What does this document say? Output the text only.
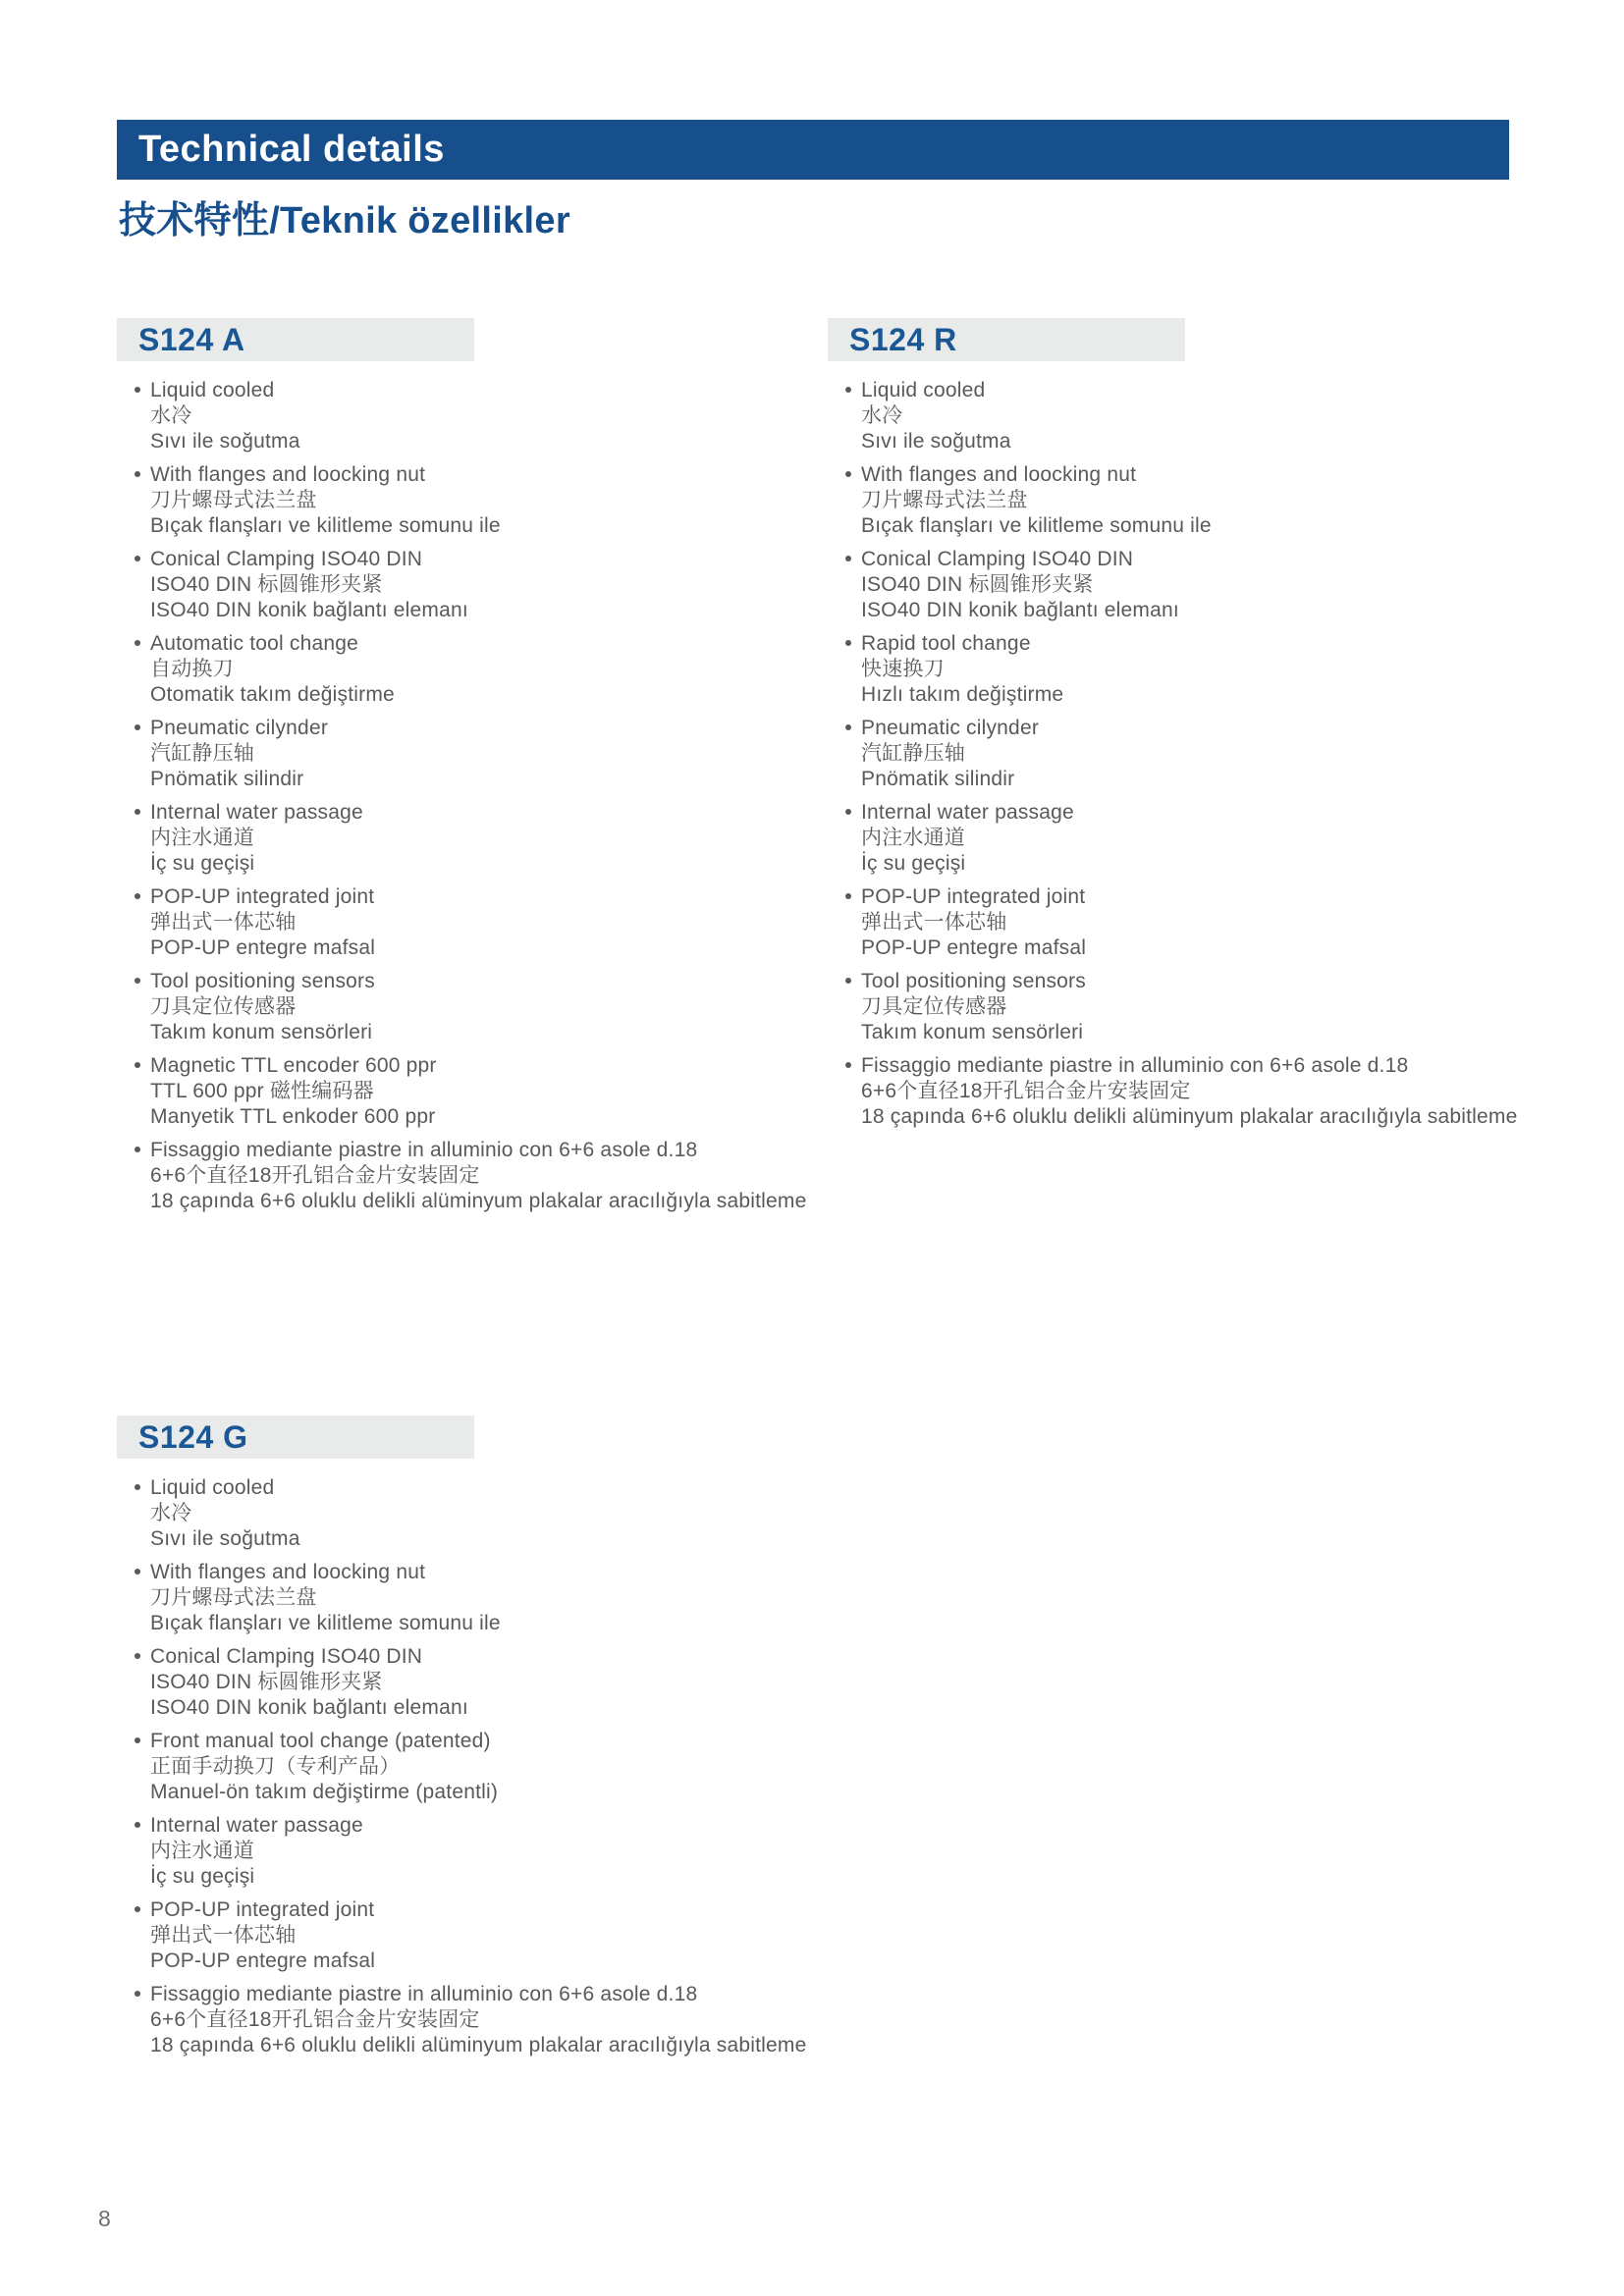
Technical details
技术特性/Teknik özellikler
S124 A
Liquid cooled
水冷
Sıvı ile soğutma
With flanges and loocking nut
刀片螺母式法兰盘
Bıçak flanşları ve kilitleme somunu ile
Conical Clamping ISO40 DIN
ISO40 DIN 标圆锥形夹紧
ISO40 DIN konik bağlantı elemanı
Automatic tool change
自动换刀
Otomatik takım değiştirme
Pneumatic cilynder
汽缸静压轴
Pnömatik silindir
Internal water passage
内注水通道
İç su geçişi
POP-UP integrated joint
弹出式一体芯轴
POP-UP entegre mafsal
Tool positioning sensors
刀具定位传感器
Takım konum sensörleri
Magnetic TTL encoder 600 ppr
TTL 600 ppr 磁性编码器
Manyetik TTL enkoder 600 ppr
Fissaggio mediante piastre in alluminio con 6+6 asole d.18
6+6个直径18开孔铝合金片安装固定
18 çapında 6+6 oluklu delikli alüminyum plakalar aracılığıyla sabitleme
S124 R
Liquid cooled
水冷
Sıvı ile soğutma
With flanges and loocking nut
刀片螺母式法兰盘
Bıçak flanşları ve kilitleme somunu ile
Conical Clamping ISO40 DIN
ISO40 DIN 标圆锥形夹紧
ISO40 DIN konik bağlantı elemanı
Rapid tool change
快速换刀
Hızlı takım değiştirme
Pneumatic cilynder
汽缸静压轴
Pnömatik silindir
Internal water passage
内注水通道
İç su geçişi
POP-UP integrated joint
弹出式一体芯轴
POP-UP entegre mafsal
Tool positioning sensors
刀具定位传感器
Takım konum sensörleri
Fissaggio mediante piastre in alluminio con 6+6 asole d.18
6+6个直径18开孔铝合金片安装固定
18 çapında 6+6 oluklu delikli alüminyum plakalar aracılığıyla sabitleme
S124 G
Liquid cooled
水冷
Sıvı ile soğutma
With flanges and loocking nut
刀片螺母式法兰盘
Bıçak flanşları ve kilitleme somunu ile
Conical Clamping ISO40 DIN
ISO40 DIN 标圆锥形夹紧
ISO40 DIN konik bağlantı elemanı
Front manual tool change (patented)
正面手动换刀（专利产品）
Manuel-ön takım değiştirme (patentli)
Internal water passage
内注水通道
İç su geçişi
POP-UP integrated joint
弹出式一体芯轴
POP-UP entegre mafsal
Fissaggio mediante piastre in alluminio con 6+6 asole d.18
6+6个直径18开孔铝合金片安装固定
18 çapında 6+6 oluklu delikli alüminyum plakalar aracılığıyla sabitleme
8
